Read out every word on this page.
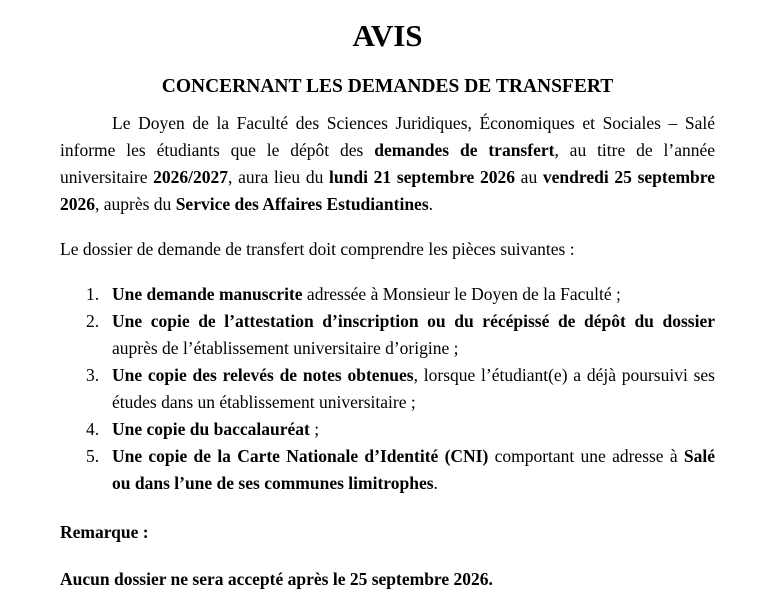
AVIS
CONCERNANT LES DEMANDES DE TRANSFERT

Le Doyen de la Faculté des Sciences Juridiques, Économiques et Sociales – Salé informe les étudiants que le dépôt des demandes de transfert, au titre de l’année universitaire 2026/2027, aura lieu du lundi 21 septembre 2026 au vendredi 25 septembre 2026, auprès du Service des Affaires Estudiantines.

Le dossier de demande de transfert doit comprendre les pièces suivantes :

1. Une demande manuscrite adressée à Monsieur le Doyen de la Faculté ;
2. Une copie de l’attestation d’inscription ou du récépissé de dépôt du dossier auprès de l’établissement universitaire d’origine ;
3. Une copie des relevés de notes obtenues, lorsque l’étudiant(e) a déjà poursuivi ses études dans un établissement universitaire ;
4. Une copie du baccalauréat ;
5. Une copie de la Carte Nationale d’Identité (CNI) comportant une adresse à Salé ou dans l’une de ses communes limitrophes.

Remarque :

Aucun dossier ne sera accepté après le 25 septembre 2026.
